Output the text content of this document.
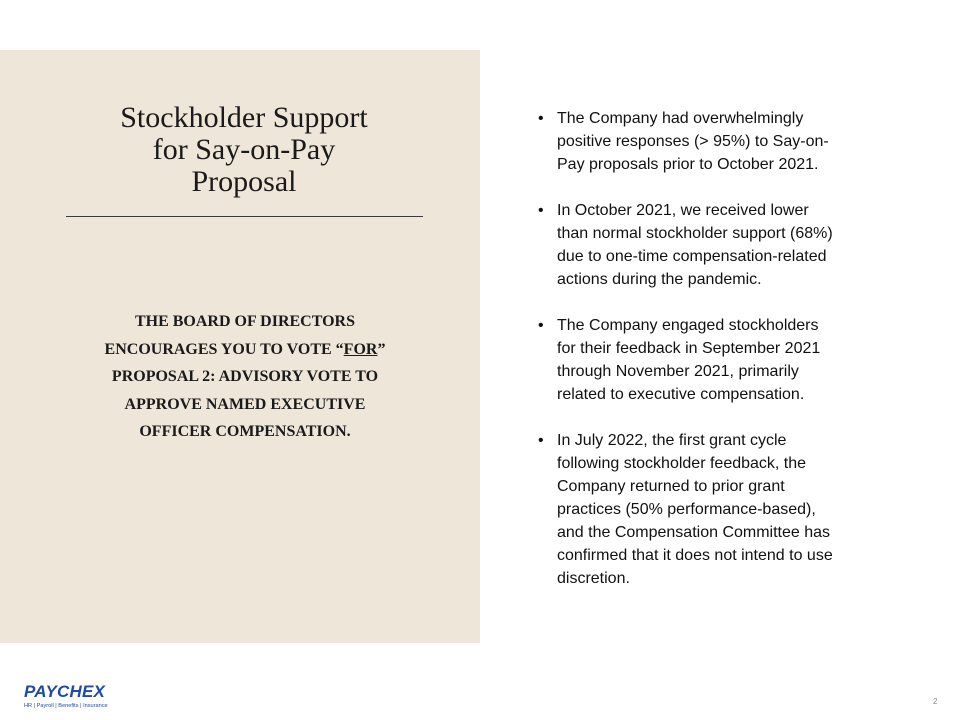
Stockholder Support
for Say-on-Pay
Proposal
THE BOARD OF DIRECTORS
ENCOURAGES YOU TO VOTE “FOR”
PROPOSAL 2: ADVISORY VOTE TO
APPROVE NAMED EXECUTIVE
OFFICER COMPENSATION.
• The Company had overwhelmingly
positive responses (> 95%) to Say-on-
Pay proposals prior to October 2021.
• In October 2021, we received lower
than normal stockholder support (68%)
due to one-time compensation-related
actions during the pandemic.
• The Company engaged stockholders
for their feedback in September 2021
through November 2021, primarily
related to executive compensation.
• In July 2022, the first grant cycle
following stockholder feedback, the
Company returned to prior grant
practices (50% performance-based),
and the Compensation Committee has
confirmed that it does not intend to use
discretion.
PAYCHEX
HR | Payroll | Benefits | Insurance	2
